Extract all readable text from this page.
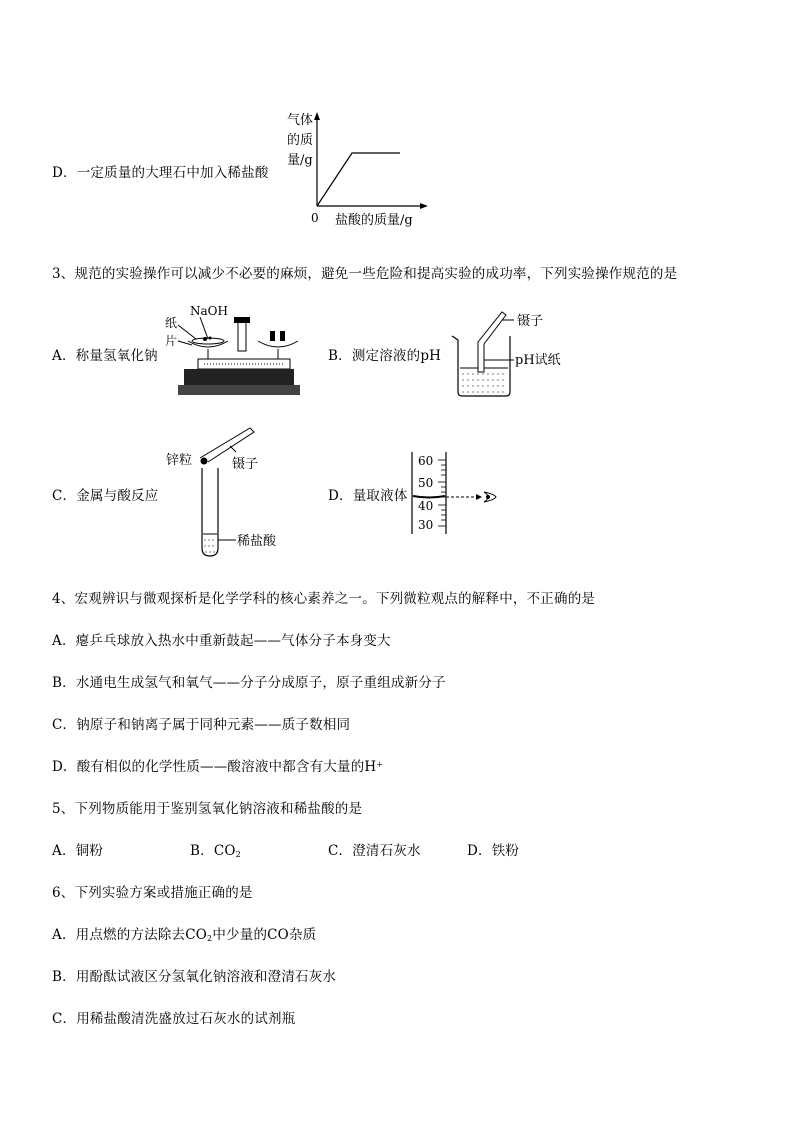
D．一定质量的大理石中加入稀盐酸
气体
的质
量/g
0 盐酸的质量/g
3、规范的实验操作可以减少不必要的麻烦，避免一些危险和提高实验的成功率，下列实验操作规范的是
A．称量氢氧化钠
NaOH
纸
片
B．测定溶液的pH
镊子
pH试纸
C．金属与酸反应
锌粒	镊子
稀盐酸
D．量取液体
60
50
40
30
4、宏观辨识与微观探析是化学学科的核心素养之一。下列微粒观点的解释中，不正确的是
A．瘪乒乓球放入热水中重新鼓起——气体分子本身变大
B．水通电生成氢气和氧气——分子分成原子，原子重组成新分子
C．钠原子和钠离子属于同种元素——质子数相同
D．酸有相似的化学性质——酸溶液中都含有大量的H+
5、下列物质能用于鉴别氢氧化钠溶液和稀盐酸的是
A．铜粉	B．$CO_2$	C．澄清石灰水	D．铁粉
6、下列实验方案或措施正确的是
A．用点燃的方法除去$CO_2$中少量的CO杂质
B．用酚酞试液区分氢氧化钠溶液和澄清石灰水
C．用稀盐酸清洗盛放过石灰水的试剂瓶
